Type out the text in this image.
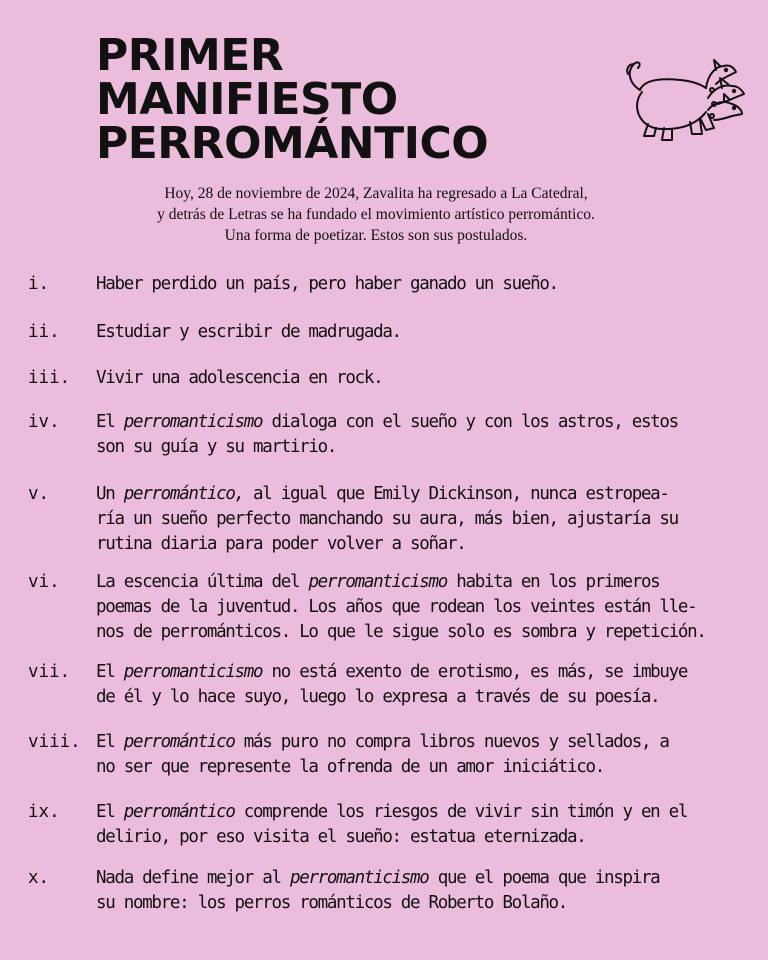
PRIMER
MANIFIESTO
PERROMÁNTICO

Hoy, 28 de noviembre de 2024, Zavalita ha regresado a La Catedral,

y detrás de Letras se ha fundado el movimiento artístico perromántico.

Una forma de poetizar. Estos son sus postulados.

i.	Haber perdido un país, pero haber ganado un sueño.
ii. Estudiar y escribir de madrugada.
iii. Vivir una adolescencia en rock.
iv. El perromanticismo dialoga con el sueño y con los astros, estos
son su guía y su martirio.
v.	Un perromántico, al igual que Emily Dickinson, nunca estropea-
ría un sueño perfecto manchando su aura, más bien, ajustaría su
rutina diaria para poder volver a soñar.
vi. La escencia última del perromanticismo habita en los primeros
poemas de la juventud. Los años que rodean los veintes están lle-
nos de perrománticos. Lo que le sigue solo es sombra y repetición.
vii. El perromanticismo no está exento de erotismo, es más, se imbuye
de él y lo hace suyo, luego lo expresa a través de su poesía.
viii. El perromántico más puro no compra libros nuevos y sellados, a
no ser que represente la ofrenda de un amor iniciático.
ix. El perromántico comprende los riesgos de vivir sin timón y en el
delirio, por eso visita el sueño: estatua eternizada.
x.	Nada define mejor al perromanticismo que el poema que inspira
su nombre: los perros románticos de Roberto Bolaño.
